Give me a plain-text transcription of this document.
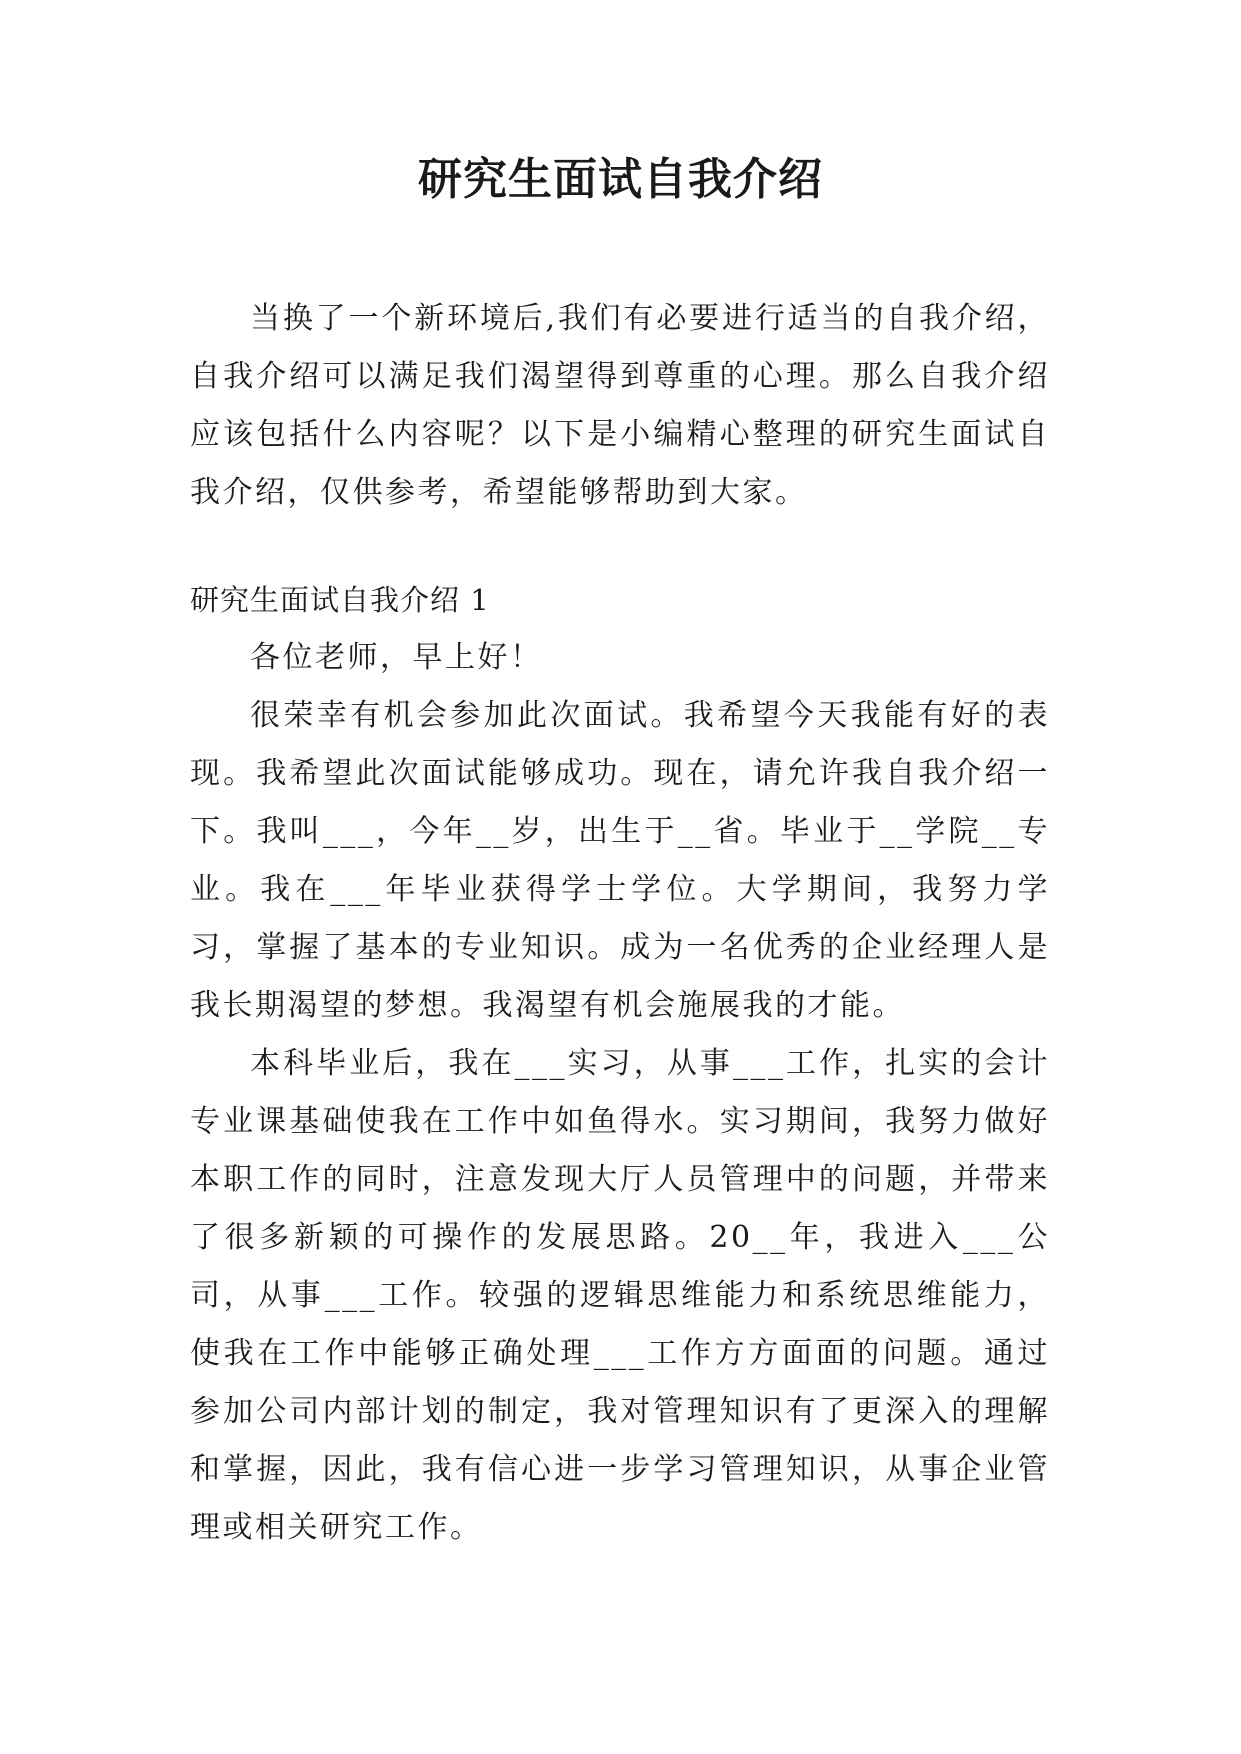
研究生面试自我介绍

当换了一个新环境后,我们有必要进行适当的自我介绍，自我介绍可以满足我们渴望得到尊重的心理。那么自我介绍应该包括什么内容呢？以下是小编精心整理的研究生面试自我介绍，仅供参考，希望能够帮助到大家。

研究生面试自我介绍 1

各位老师，早上好！

很荣幸有机会参加此次面试。我希望今天我能有好的表现。我希望此次面试能够成功。现在，请允许我自我介绍一下。我叫___，今年__岁，出生于__省。毕业于__学院__专业。我在___年毕业获得学士学位。大学期间，我努力学习，掌握了基本的专业知识。成为一名优秀的企业经理人是我长期渴望的梦想。我渴望有机会施展我的才能。

本科毕业后，我在___实习，从事___工作，扎实的会计专业课基础使我在工作中如鱼得水。实习期间，我努力做好本职工作的同时，注意发现大厅人员管理中的问题，并带来了很多新颖的可操作的发展思路。20__年，我进入___公司，从事___工作。较强的逻辑思维能力和系统思维能力，使我在工作中能够正确处理___工作方方面面的问题。通过参加公司内部计划的制定，我对管理知识有了更深入的理解和掌握，因此，我有信心进一步学习管理知识，从事企业管理或相关研究工作。
